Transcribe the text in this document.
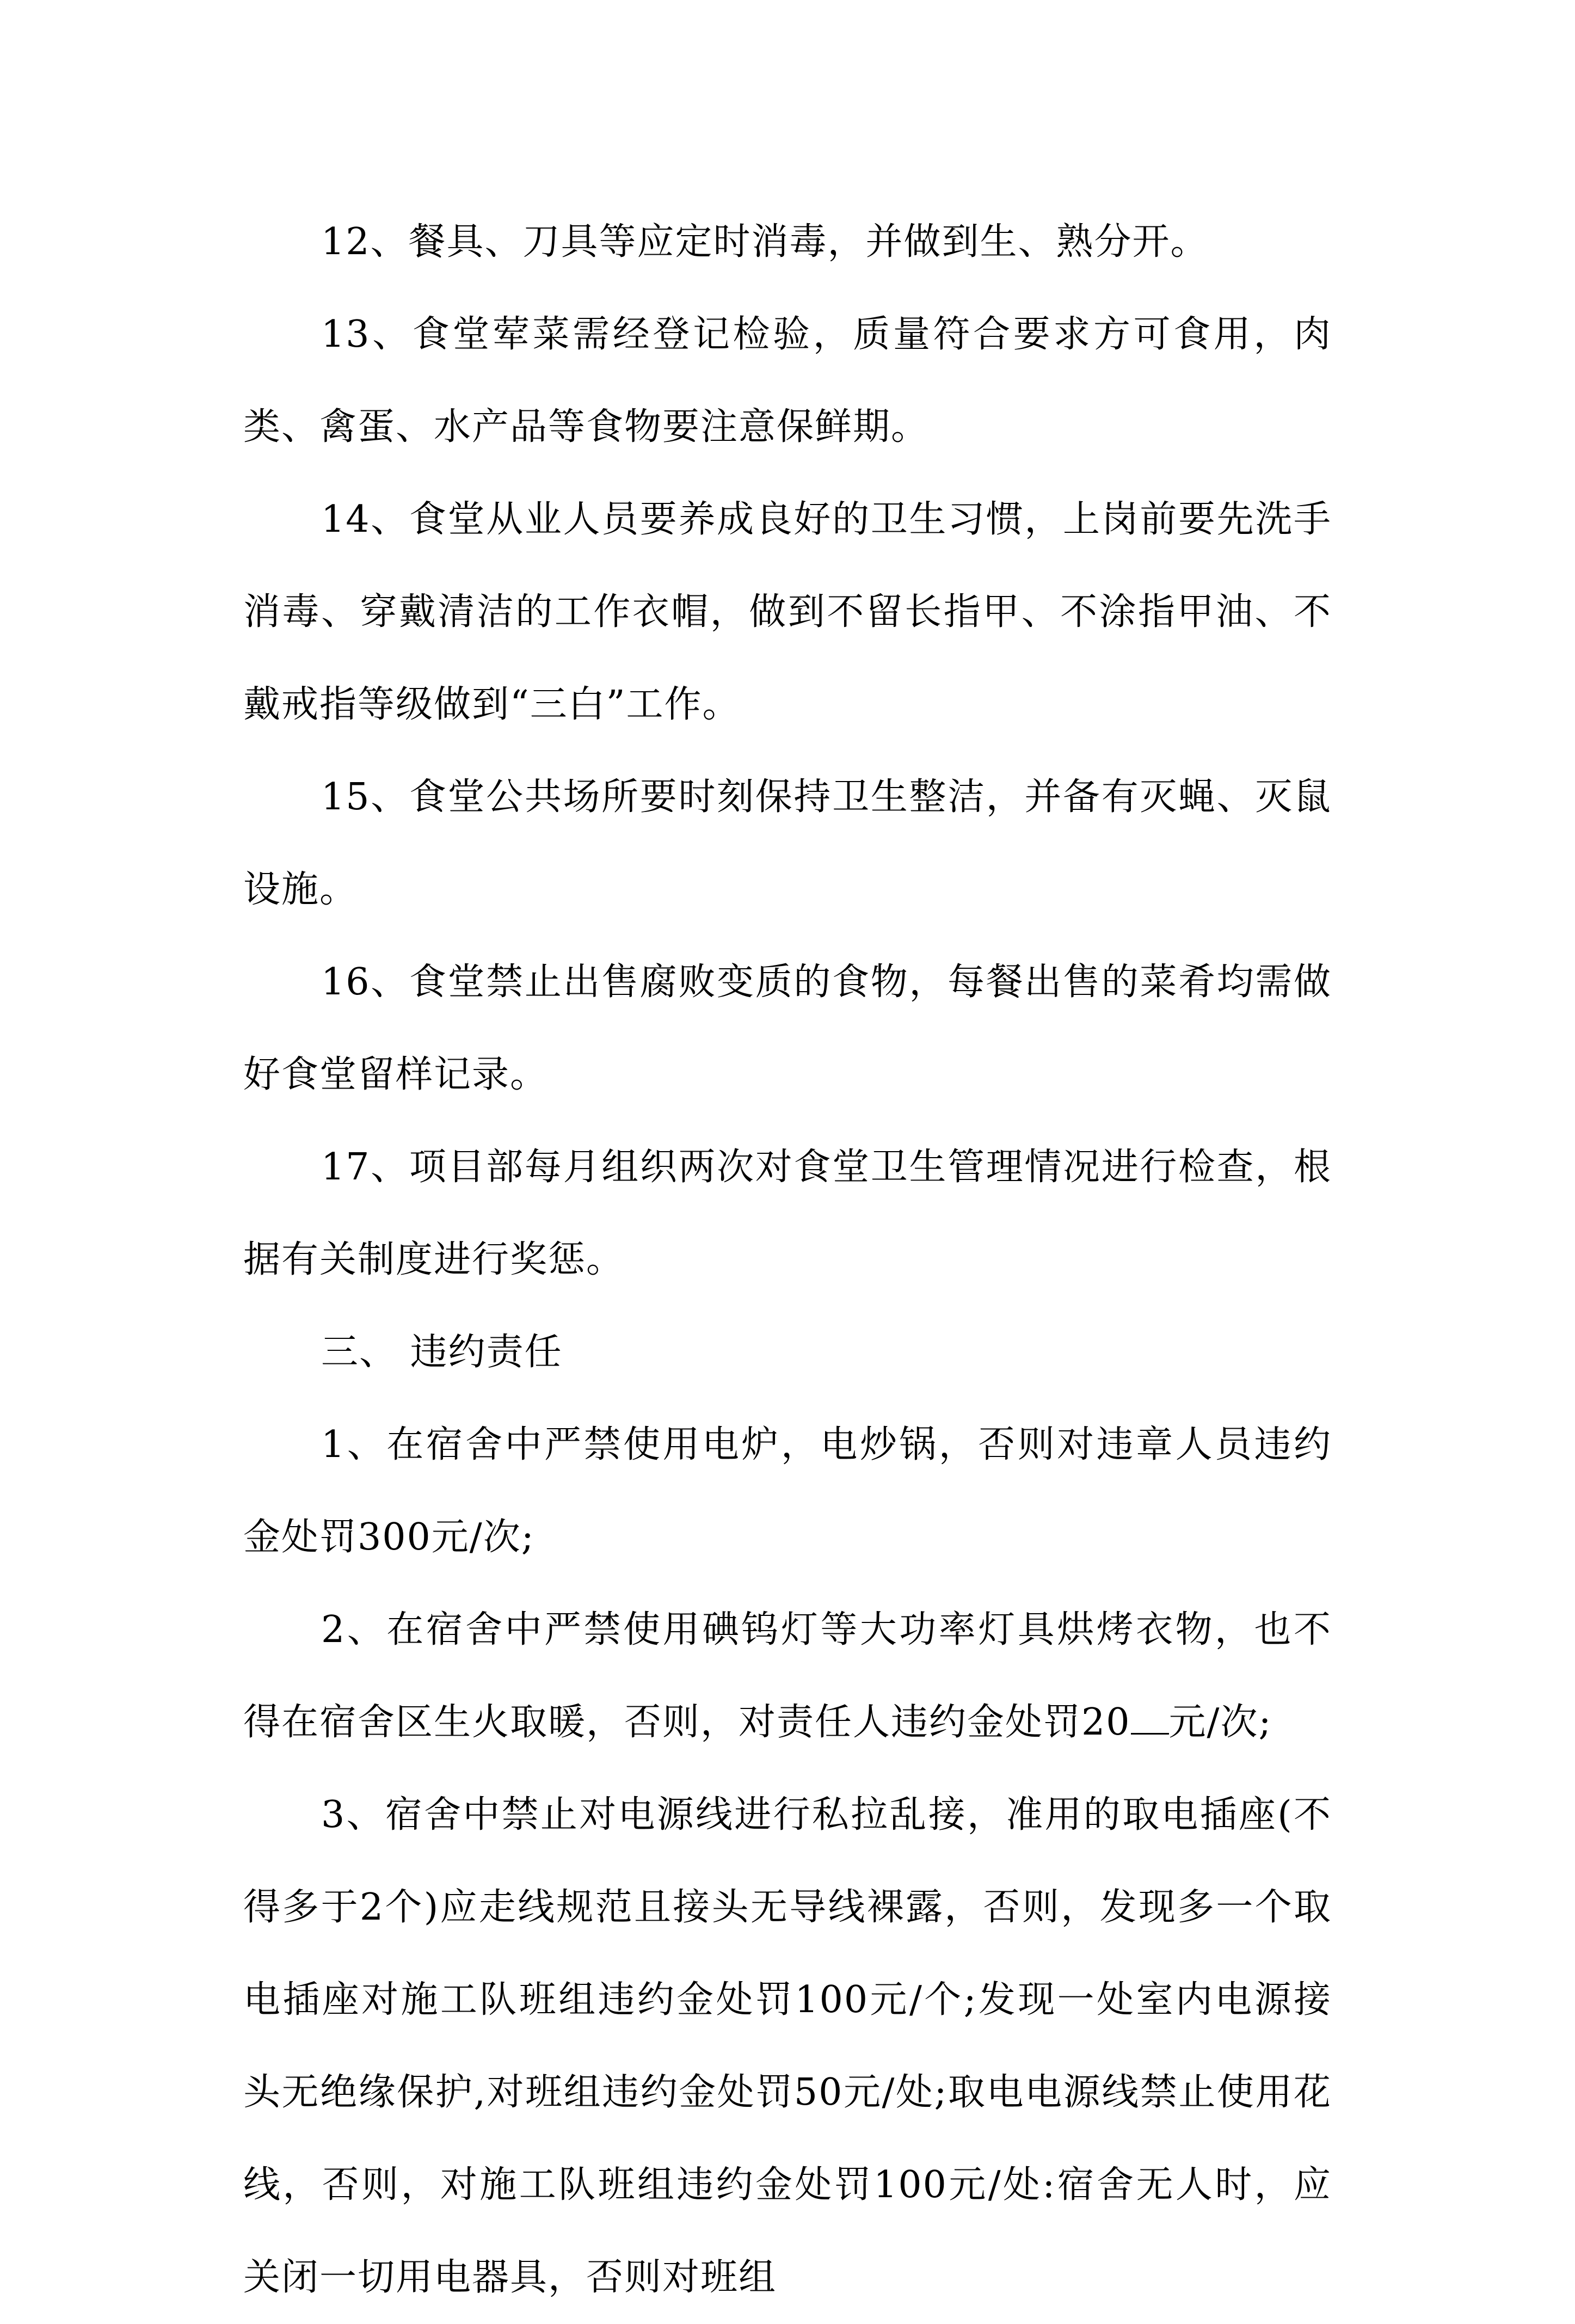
12、餐具、刀具等应定时消毒，并做到生、熟分开。

13、食堂荤菜需经登记检验，质量符合要求方可食用，肉类、禽蛋、水产品等食物要注意保鲜期。

14、食堂从业人员要养成良好的卫生习惯，上岗前要先洗手消毒、穿戴清洁的工作衣帽，做到不留长指甲、不涂指甲油、不戴戒指等级做到“三白”工作。

15、食堂公共场所要时刻保持卫生整洁，并备有灭蝇、灭鼠设施。

16、食堂禁止出售腐败变质的食物，每餐出售的菜肴均需做好食堂留样记录。

17、项目部每月组织两次对食堂卫生管理情况进行检查，根据有关制度进行奖惩。

三、 违约责任

1、在宿舍中严禁使用电炉，电炒锅，否则对违章人员违约金处罚300元/次;

2、在宿舍中严禁使用碘钨灯等大功率灯具烘烤衣物，也不得在宿舍区生火取暖，否则，对责任人违约金处罚20 元/次;

3、宿舍中禁止对电源线进行私拉乱接，准用的取电插座(不得多于2个)应走线规范且接头无导线裸露，否则，发现多一个取电插座对施工队班组违约金处罚100元/个;发现一处室内电源接头无绝缘保护,对班组违约金处罚50元/处;取电电源线禁止使用花线，否则，对施工队班组违约金处罚100元/处:宿舍无人时，应关闭一切用电器具，否则对班组
